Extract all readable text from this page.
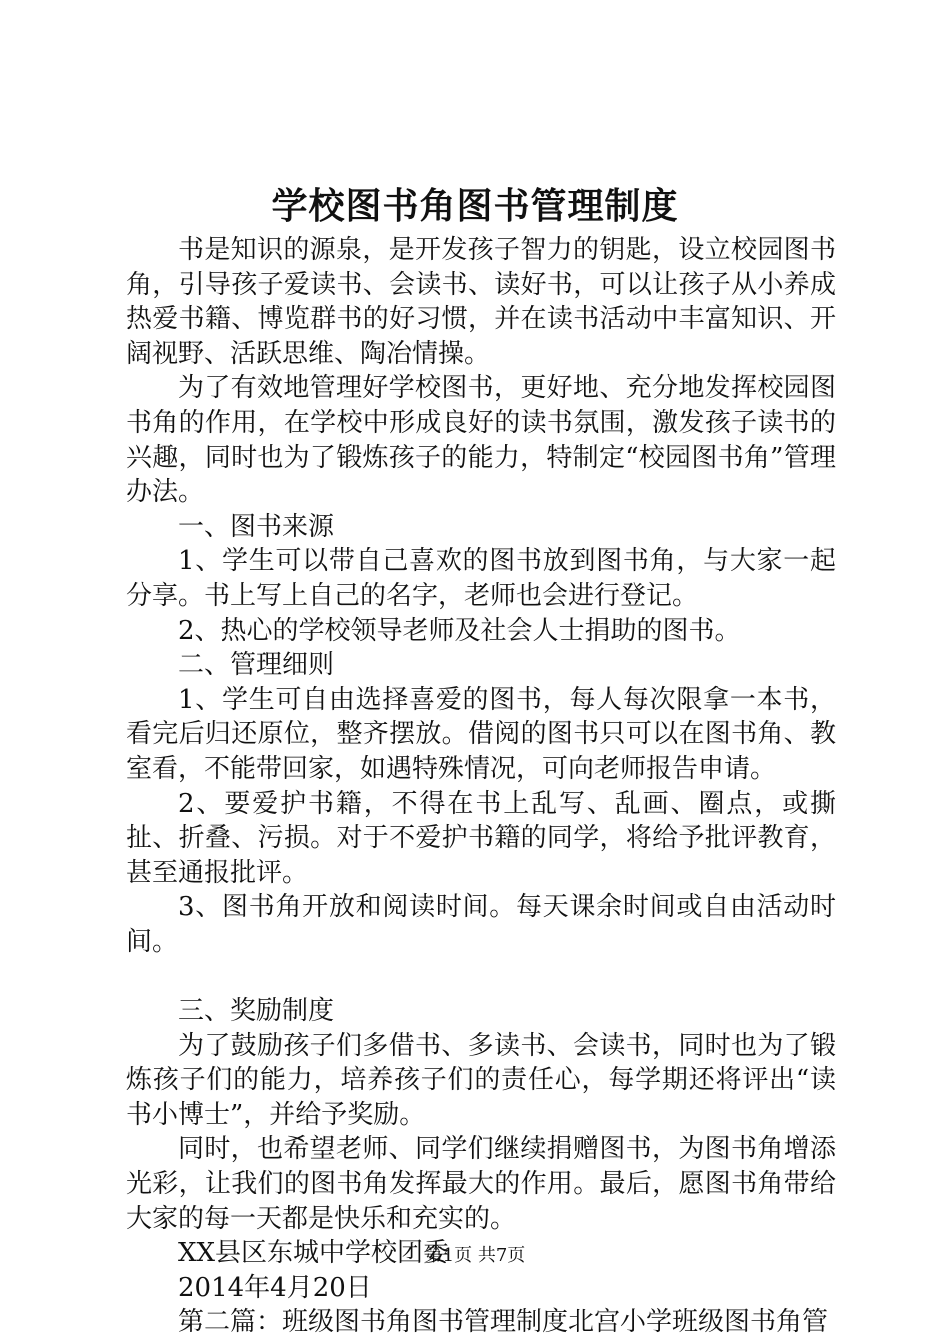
学校图书角图书管理制度

书是知识的源泉，是开发孩子智力的钥匙，设立校园图书角，引导孩子爱读书、会读书、读好书，可以让孩子从小养成热爱书籍、博览群书的好习惯，并在读书活动中丰富知识、开阔视野、活跃思维、陶冶情操。

为了有效地管理好学校图书，更好地、充分地发挥校园图书角的作用，在学校中形成良好的读书氛围，激发孩子读书的兴趣，同时也为了锻炼孩子的能力，特制定“校园图书角”管理办法。

一、图书来源

1、学生可以带自己喜欢的图书放到图书角，与大家一起分享。书上写上自己的名字，老师也会进行登记。

2、热心的学校领导老师及社会人士捐助的图书。

二、管理细则

1、学生可自由选择喜爱的图书，每人每次限拿一本书，看完后归还原位，整齐摆放。借阅的图书只可以在图书角、教室看，不能带回家，如遇特殊情况，可向老师报告申请。

2、要爱护书籍，不得在书上乱写、乱画、圈点，或撕扯、折叠、污损。对于不爱护书籍的同学，将给予批评教育，甚至通报批评。

3、图书角开放和阅读时间。每天课余时间或自由活动时间。

三、奖励制度

为了鼓励孩子们多借书、多读书、会读书，同时也为了锻炼孩子们的能力，培养孩子们的责任心，每学期还将评出“读书小博士”，并给予奖励。

同时，也希望老师、同学们继续捐赠图书，为图书角增添光彩，让我们的图书角发挥最大的作用。最后，愿图书角带给大家的每一天都是快乐和充实的。

XX县区东城中学校团委

2014年4月20日

第二篇：班级图书角图书管理制度北宫小学班级图书角管

第1页 共7页
